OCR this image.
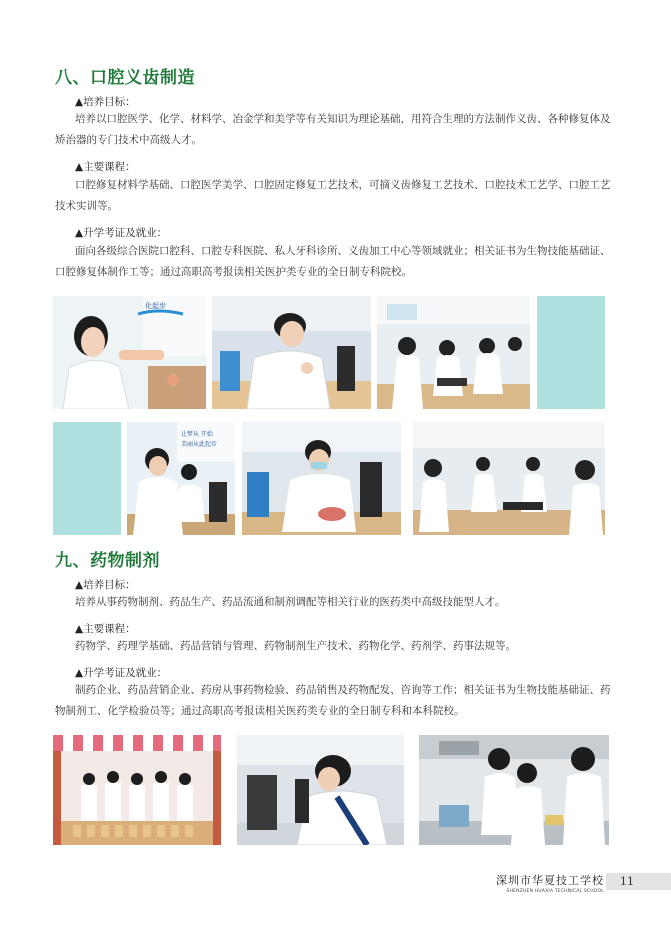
八、口腔义齿制造

▲培养目标：

培养以口腔医学、化学、材料学、冶金学和美学等有关知识为理论基础，用符合生理的方法制作义齿、各种修复体及矫治器的专门技术中高级人才。

▲主要课程：

口腔修复材料学基础、口腔医学美学、口腔固定修复工艺技术，可摘义齿修复工艺技术、口腔技术工艺学、口腔工艺技术实训等。

▲升学考证及就业：

面向各级综合医院口腔科、口腔专科医院、私人牙科诊所、义齿加工中心等领域就业；相关证书为生物技能基础证、口腔修复体制作工等；通过高职高考报读相关医护类专业的全日制专科院校。

化起步
让梦从 开始
美丽从此起步
九、药物制剂

▲培养目标：

培养从事药物制剂、药品生产、药品流通和制剂调配等相关行业的医药类中高级技能型人才。

▲主要课程：

药物学、药理学基础、药品营销与管理、药物制剂生产技术、药物化学、药剂学、药事法规等。

▲升学考证及就业：

制药企业、药品营销企业、药房从事药物检验、药品销售及药物配发、咨询等工作；相关证书为生物技能基础证、药物制剂工、化学检验员等；通过高职高考报读相关医药类专业的全日制专科和本科院校。

深圳市华夏技工学校
SHENZHEN HUAXIA TECHNICAL SCHOOL
11
